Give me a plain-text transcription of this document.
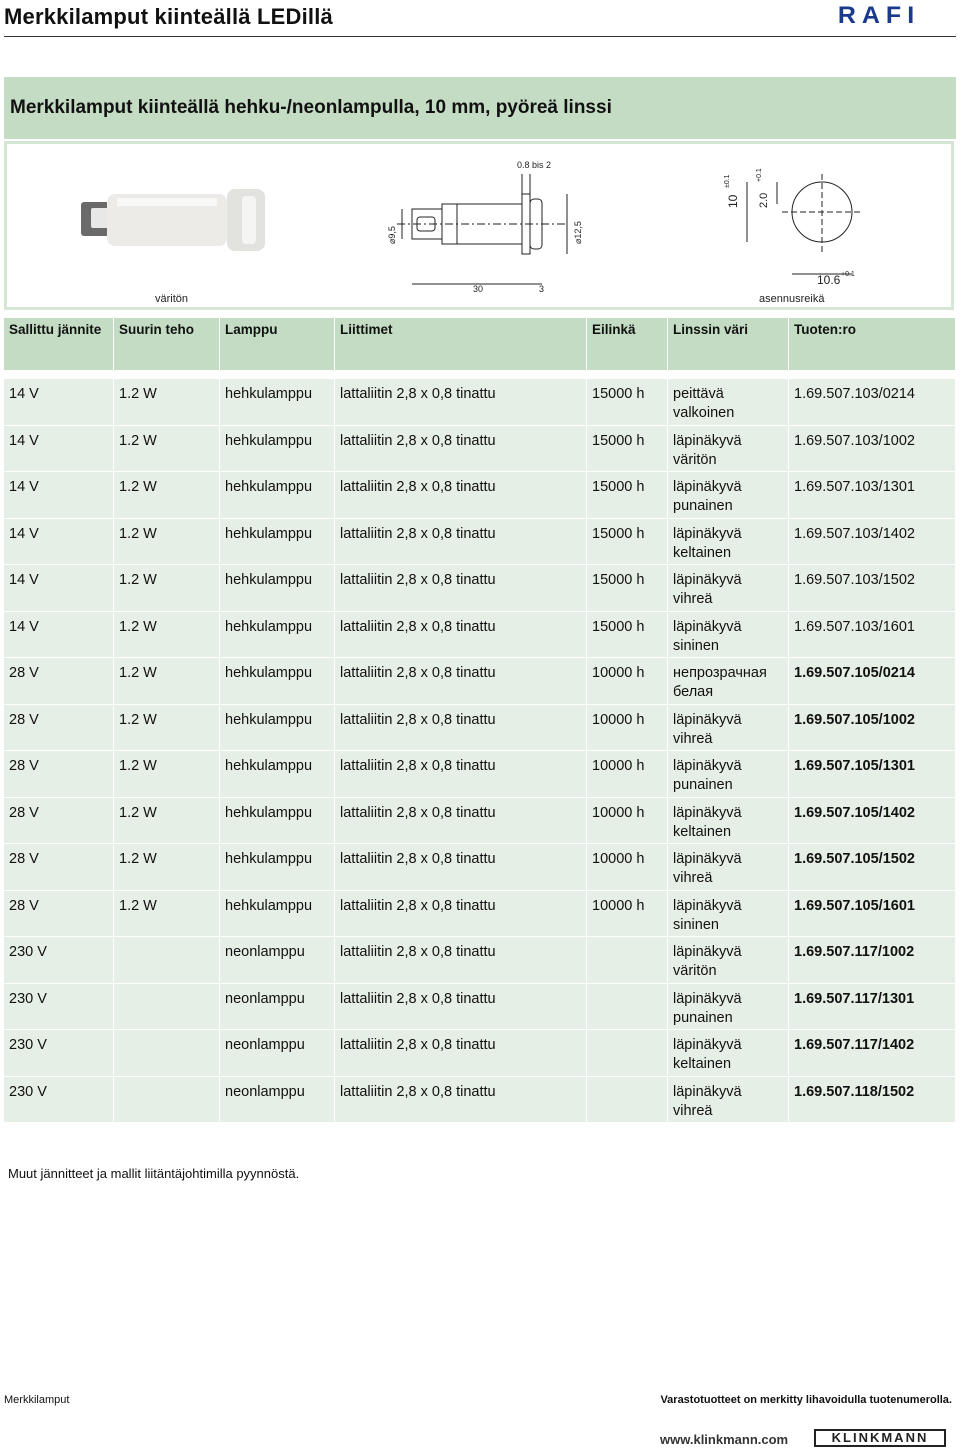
Merkkilamput kiinteällä LEDillä	RAFI
Merkkilamput kiinteällä hehku-/neonlampulla, 10 mm, pyöreä linssi
väritön
0.8 bis 2
⌀9,5	⌀12,5
30	3
10
±0.1
2.0
+0.1
10.6 +0.1
asennusreikä
Sallittu jännite	Suurin teho	Lamppu	Liittimet	Eilinkä	Linssin väri	Tuoten:ro

14 V	1.2 W	hehkulamppu	lattaliitin 2,8 x 0,8 tinattu	15000 h	peittävä valkoinen	1.69.507.103/0214
14 V	1.2 W	hehkulamppu	lattaliitin 2,8 x 0,8 tinattu	15000 h	läpinäkyvä väritön	1.69.507.103/1002
14 V	1.2 W	hehkulamppu	lattaliitin 2,8 x 0,8 tinattu	15000 h	läpinäkyvä punainen	1.69.507.103/1301
14 V	1.2 W	hehkulamppu	lattaliitin 2,8 x 0,8 tinattu	15000 h	läpinäkyvä keltainen	1.69.507.103/1402
14 V	1.2 W	hehkulamppu	lattaliitin 2,8 x 0,8 tinattu	15000 h	läpinäkyvä vihreä	1.69.507.103/1502
14 V	1.2 W	hehkulamppu	lattaliitin 2,8 x 0,8 tinattu	15000 h	läpinäkyvä sininen	1.69.507.103/1601
28 V	1.2 W	hehkulamppu	lattaliitin 2,8 x 0,8 tinattu	10000 h	непрозрачная белая	1.69.507.105/0214
28 V	1.2 W	hehkulamppu	lattaliitin 2,8 x 0,8 tinattu	10000 h	läpinäkyvä vihreä	1.69.507.105/1002
28 V	1.2 W	hehkulamppu	lattaliitin 2,8 x 0,8 tinattu	10000 h	läpinäkyvä punainen	1.69.507.105/1301
28 V	1.2 W	hehkulamppu	lattaliitin 2,8 x 0,8 tinattu	10000 h	läpinäkyvä keltainen	1.69.507.105/1402
28 V	1.2 W	hehkulamppu	lattaliitin 2,8 x 0,8 tinattu	10000 h	läpinäkyvä vihreä	1.69.507.105/1502
28 V	1.2 W	hehkulamppu	lattaliitin 2,8 x 0,8 tinattu	10000 h	läpinäkyvä sininen	1.69.507.105/1601
230 V		neonlamppu	lattaliitin 2,8 x 0,8 tinattu		läpinäkyvä väritön	1.69.507.117/1002
230 V		neonlamppu	lattaliitin 2,8 x 0,8 tinattu		läpinäkyvä punainen	1.69.507.117/1301
230 V		neonlamppu	lattaliitin 2,8 x 0,8 tinattu		läpinäkyvä keltainen	1.69.507.117/1402
230 V		neonlamppu	lattaliitin 2,8 x 0,8 tinattu		läpinäkyvä vihreä	1.69.507.118/1502
Muut jännitteet ja mallit liitäntäjohtimilla pyynnöstä.
Merkkilamput	Varastotuotteet on merkitty lihavoidulla tuotenumerolla.
www.klinkmann.com	KLINKMANN
